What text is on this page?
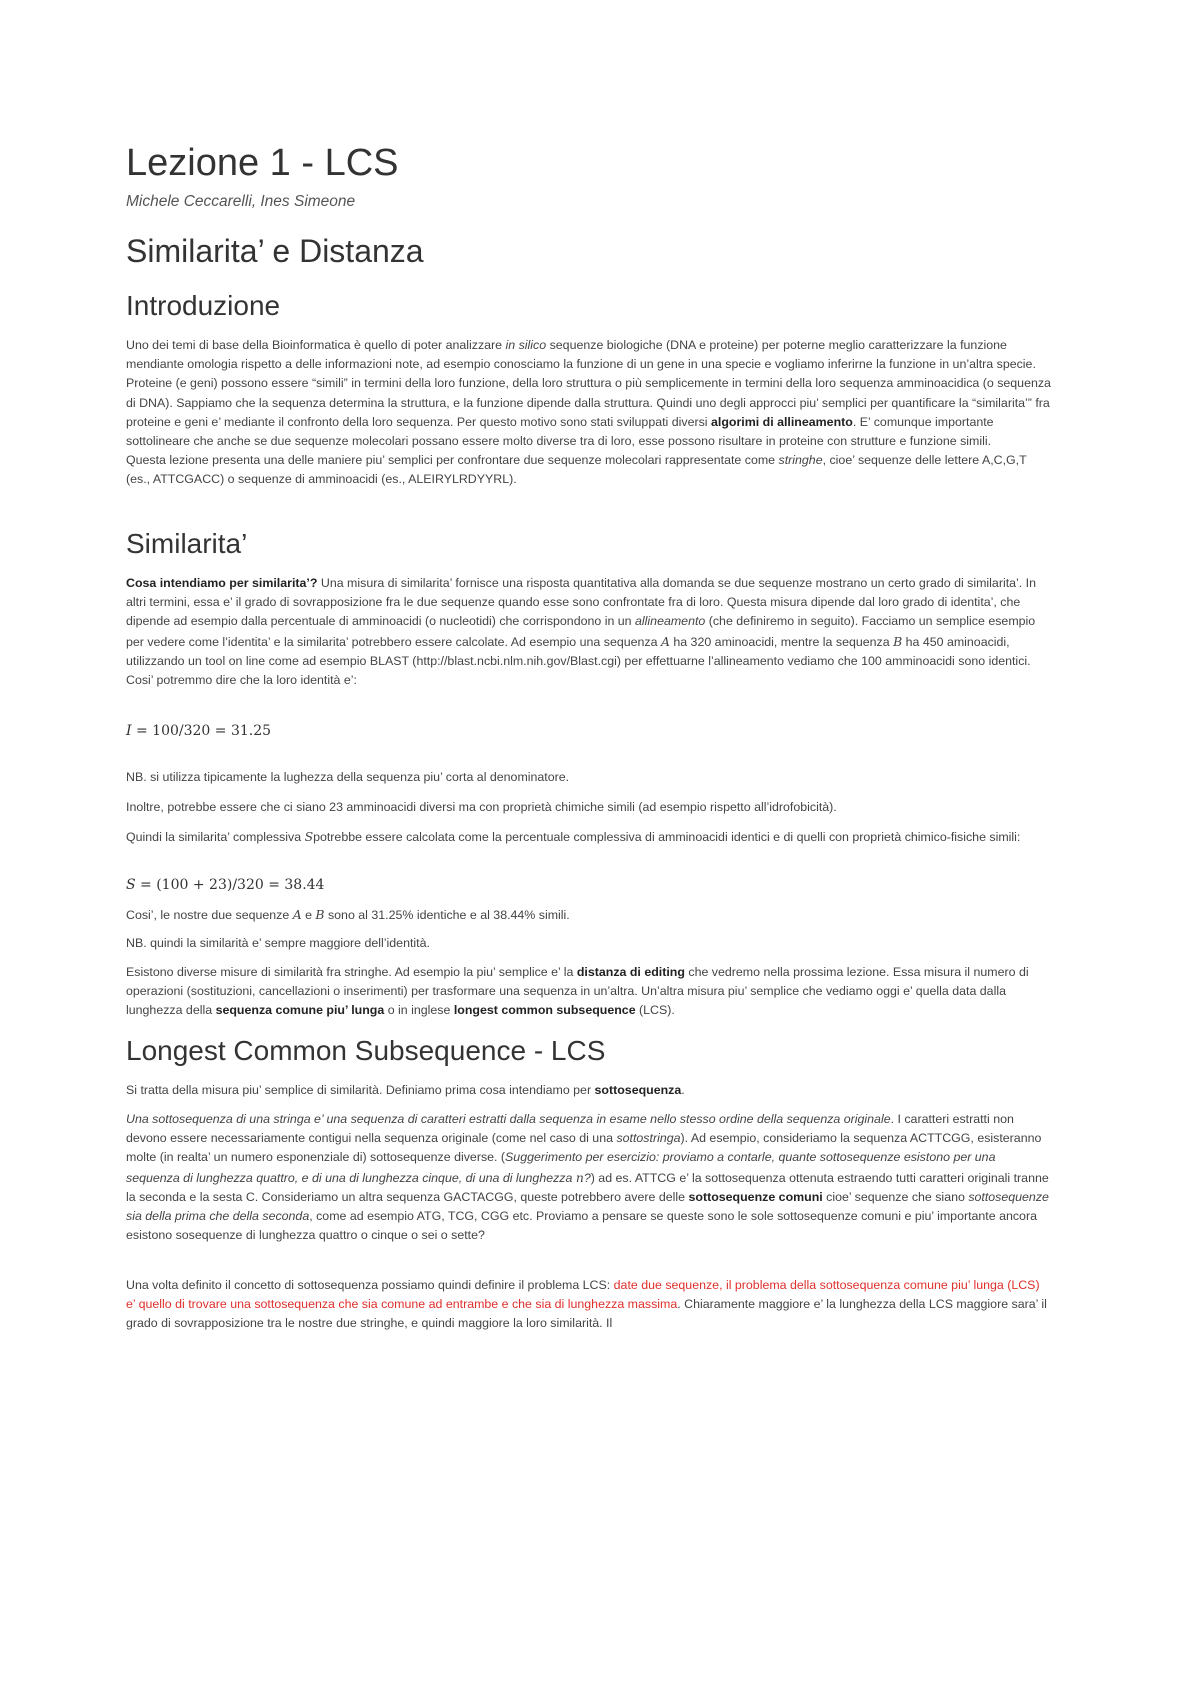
Lezione 1 - LCS
Michele Ceccarelli, Ines Simeone
Similarita’ e Distanza
Introduzione

Uno dei temi di base della Bioinformatica è quello di poter analizzare in silico sequenze biologiche (DNA e proteine) per poterne meglio caratterizzare la funzione mendiante omologia rispetto a delle informazioni note, ad esempio conosciamo la funzione di un gene in una specie e vogliamo inferirne la funzione in un’altra specie. Proteine (e geni) possono essere “simili” in termini della loro funzione, della loro struttura o più semplicemente in termini della loro sequenza amminoacidica (o sequenza di DNA). Sappiamo che la sequenza determina la struttura, e la funzione dipende dalla struttura. Quindi uno degli approcci piu’ semplici per quantificare la “similarita’” fra proteine e geni e’ mediante il confronto della loro sequenza. Per questo motivo sono stati sviluppati diversi algorimi di allineamento. E’ comunque importante sottolineare che anche se due sequenze molecolari possano essere molto diverse tra di loro, esse possono risultare in proteine con strutture e funzione simili.
Questa lezione presenta una delle maniere piu’ semplici per confrontare due sequenze molecolari rappresentate come stringhe, cioe’ sequenze delle lettere A,C,G,T (es., ATTCGACC) o sequenze di amminoacidi (es., ALEIRYLRDYYRL).

Similarita’

Cosa intendiamo per similarita’? Una misura di similarita’ fornisce una risposta quantitativa alla domanda se due sequenze mostrano un certo grado di similarita’. In altri termini, essa e’ il grado di sovrapposizione fra le due sequenze quando esse sono confrontate fra di loro. Questa misura dipende dal loro grado di identita’, che dipende ad esempio dalla percentuale di amminoacidi (o nucleotidi) che corrispondono in un allineamento (che definiremo in seguito). Facciamo un semplice esempio per vedere come l’identita’ e la similarita’ potrebbero essere calcolate. Ad esempio una sequenza A ha 320 aminoacidi, mentre la sequenza B ha 450 aminoacidi, utilizzando un tool on line come ad esempio BLAST (http://blast.ncbi.nlm.nih.gov/Blast.cgi) per effettuarne l’allineamento vediamo che 100 amminoacidi sono identici. Cosi’ potremmo dire che la loro identità e’:

I = 100/320 = 31.25

NB. si utilizza tipicamente la lughezza della sequenza piu’ corta al denominatore.

Inoltre, potrebbe essere che ci siano 23 amminoacidi diversi ma con proprietà chimiche simili (ad esempio rispetto all’idrofobicità).

Quindi la similarita’ complessiva Spotrebbe essere calcolata come la percentuale complessiva di amminoacidi identici e di quelli con proprietà chimico-fisiche simili:

S = (100 + 23)/320 = 38.44

Cosi’, le nostre due sequenze A e B sono al 31.25% identiche e al 38.44% simili.

NB. quindi la similarità e’ sempre maggiore dell’identità.

Esistono diverse misure di similarità fra stringhe. Ad esempio la piu’ semplice e’ la distanza di editing che vedremo nella prossima lezione. Essa misura il numero di operazioni (sostituzioni, cancellazioni o inserimenti) per trasformare una sequenza in un’altra. Un’altra misura piu’ semplice che vediamo oggi e’ quella data dalla lunghezza della sequenza comune piu’ lunga o in inglese longest common subsequence (LCS).

Longest Common Subsequence - LCS

Si tratta della misura piu’ semplice di similarità. Definiamo prima cosa intendiamo per sottosequenza.

Una sottosequenza di una stringa e’ una sequenza di caratteri estratti dalla sequenza in esame nello stesso ordine della sequenza originale. I caratteri estratti non devono essere necessariamente contigui nella sequenza originale (come nel caso di una sottostringa). Ad esempio, consideriamo la sequenza ACTTCGG, esisteranno molte (in realta’ un numero esponenziale di) sottosequenze diverse. (Suggerimento per esercizio: proviamo a contarle, quante sottosequenze esistono per una sequenza di lunghezza quattro, e di una di lunghezza cinque, di una di lunghezza n?) ad es. ATTCG e’ la sottosequenza ottenuta estraendo tutti caratteri originali tranne la seconda e la sesta C. Consideriamo un altra sequenza GACTACGG, queste potrebbero avere delle sottosequenze comuni cioe’ sequenze che siano sottosequenze sia della prima che della seconda, come ad esempio ATG, TCG, CGG etc. Proviamo a pensare se queste sono le sole sottosequenze comuni e piu’ importante ancora esistono sosequenze di lunghezza quattro o cinque o sei o sette?

Una volta definito il concetto di sottosequenza possiamo quindi definire il problema LCS: date due sequenze, il problema della sottosequenza comune piu’ lunga (LCS) e’ quello di trovare una sottosequenza che sia comune ad entrambe e che sia di lunghezza massima. Chiaramente maggiore e’ la lunghezza della LCS maggiore sara’ il grado di sovrapposizione tra le nostre due stringhe, e quindi maggiore la loro similarità. Il
